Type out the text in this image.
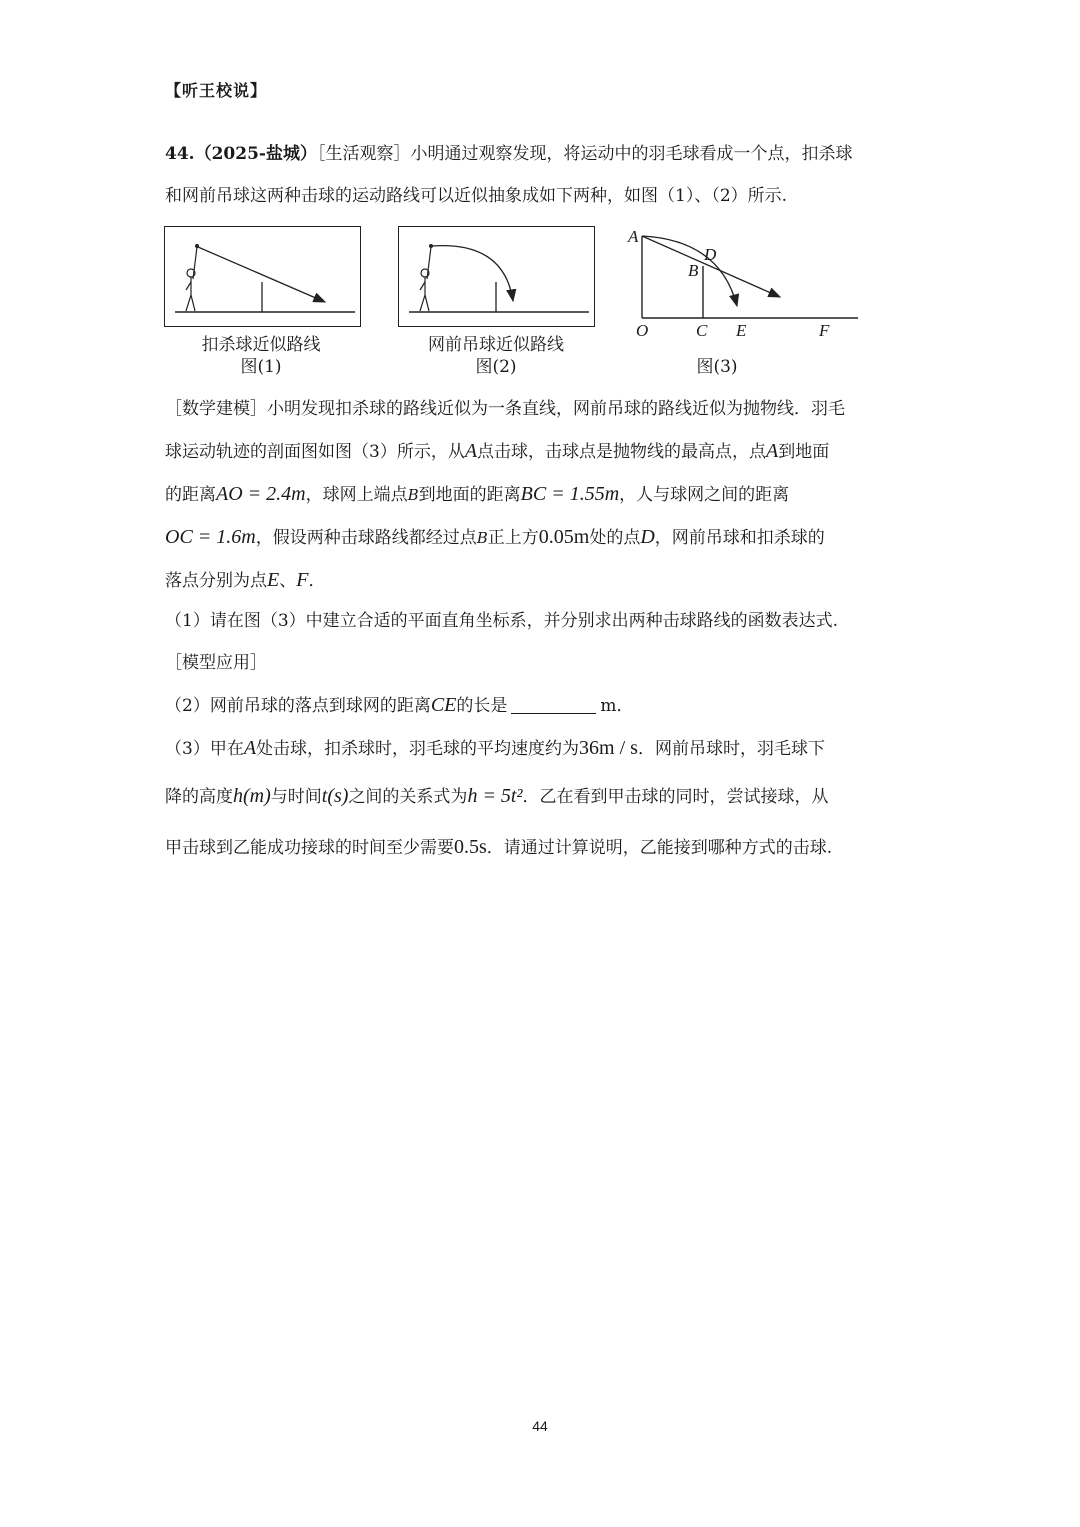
【听王校说】
44.（2025-盐城）［生活观察］小明通过观察发现，将运动中的羽毛球看成一个点，扣杀球
和网前吊球这两种击球的运动路线可以近似抽象成如下两种，如图（1）、（2）所示.
扣杀球近似路线
图(1)
网前吊球近似路线
图(2)
A
D
B
O	C E	F
图(3)
［数学建模］小明发现扣杀球的路线近似为一条直线，网前吊球的路线近似为抛物线．羽毛
球运动轨迹的剖面图如图（3）所示，从A点击球，击球点是抛物线的最高点，点A到地面
的距离AO = 2.4m，球网上端点B到地面的距离BC = 1.55m，人与球网之间的距离
OC = 1.6m，假设两种击球路线都经过点B正上方0.05m处的点D，网前吊球和扣杀球的
落点分别为点E、F．
（1）请在图（3）中建立合适的平面直角坐标系，并分别求出两种击球路线的函数表达式.
［模型应用］
（2）网前吊球的落点到球网的距离CE的长是	m．
（3）甲在A处击球，扣杀球时，羽毛球的平均速度约为36m / s．网前吊球时，羽毛球下
降的高度h(m)与时间t(s)之间的关系式为h = 5t²．乙在看到甲击球的同时，尝试接球，从
甲击球到乙能成功接球的时间至少需要0.5s．请通过计算说明，乙能接到哪种方式的击球.
44
